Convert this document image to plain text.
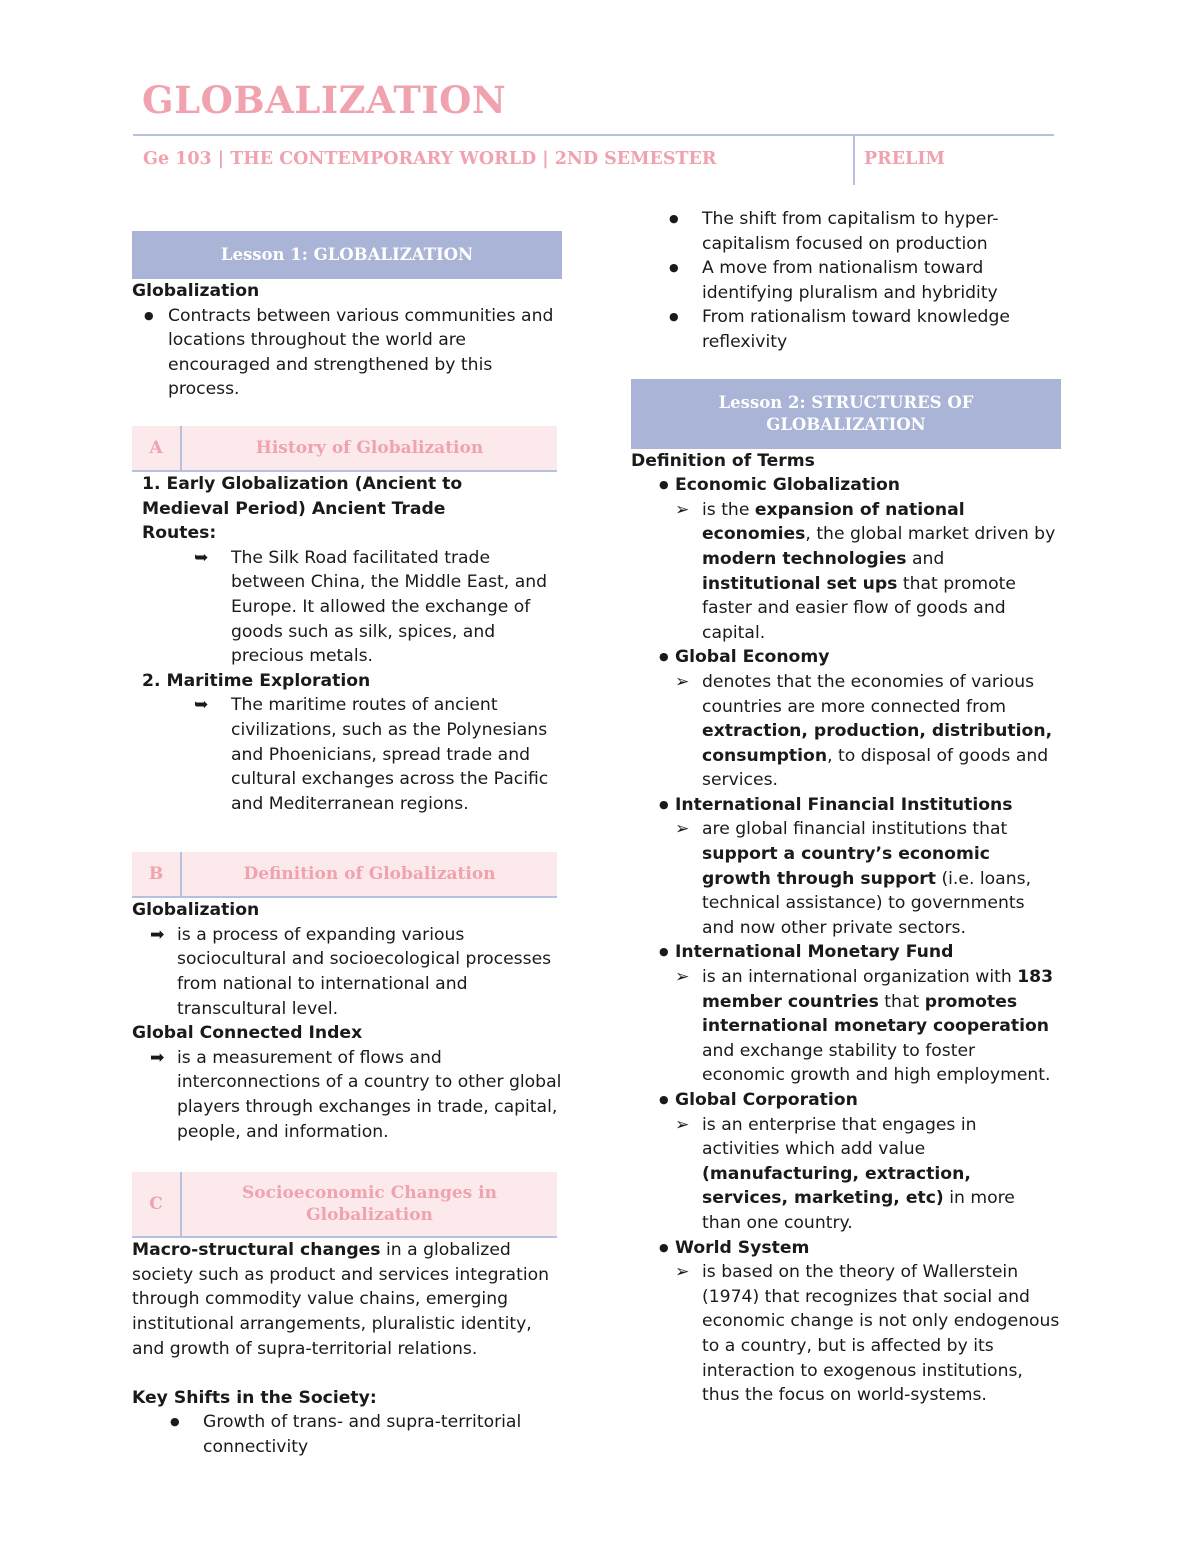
GLOBALIZATION
Ge 103 | THE CONTEMPORARY WORLD | 2ND SEMESTER	PRELIM
Lesson 1: GLOBALIZATION

Globalization

● Contracts between various communities and locations throughout the world are encouraged and strengthened by this process.
A	History of Globalization

1. Early Globalization (Ancient to Medieval Period) Ancient Trade Routes:

➥ The Silk Road facilitated trade between China, the Middle East, and Europe. It allowed the exchange of goods such as silk, spices, and precious metals.

2. Maritime Exploration

➥ The maritime routes of ancient civilizations, such as the Polynesians and Phoenicians, spread trade and cultural exchanges across the Pacific and Mediterranean regions.
B	Definition of Globalization

Globalization

➡ is a process of expanding various sociocultural and socioecological processes from national to international and transcultural level.

Global Connected Index

➡ is a measurement of flows and interconnections of a country to other global players through exchanges in trade, capital, people, and information.
C
Socioeconomic Changes in Globalization

Macro-structural changes in a globalized society such as product and services integration through commodity value chains, emerging institutional arrangements, pluralistic identity, and growth of supra-territorial relations.

Key Shifts in the Society:

● Growth of trans- and supra-territorial connectivity
● The shift from capitalism to hyper-capitalism focused on production
● A move from nationalism toward identifying pluralism and hybridity
● From rationalism toward knowledge reflexivity
Lesson 2: STRUCTURES OF GLOBALIZATION

Definition of Terms

● Economic Globalization
➢ is the expansion of national economies, the global market driven by modern technologies and institutional set ups that promote faster and easier flow of goods and capital.
● Global Economy
➢ denotes that the economies of various countries are more connected from extraction, production, distribution, consumption, to disposal of goods and services.
● International Financial Institutions
➢ are global financial institutions that support a country’s economic growth through support (i.e. loans, technical assistance) to governments and now other private sectors.
● International Monetary Fund
➢ is an international organization with 183 member countries that promotes international monetary cooperation and exchange stability to foster economic growth and high employment.
● Global Corporation
➢ is an enterprise that engages in activities which add value (manufacturing, extraction, services, marketing, etc) in more than one country.
● World System
➢ is based on the theory of Wallerstein (1974) that recognizes that social and economic change is not only endogenous to a country, but is affected by its interaction to exogenous institutions, thus the focus on world-systems.
